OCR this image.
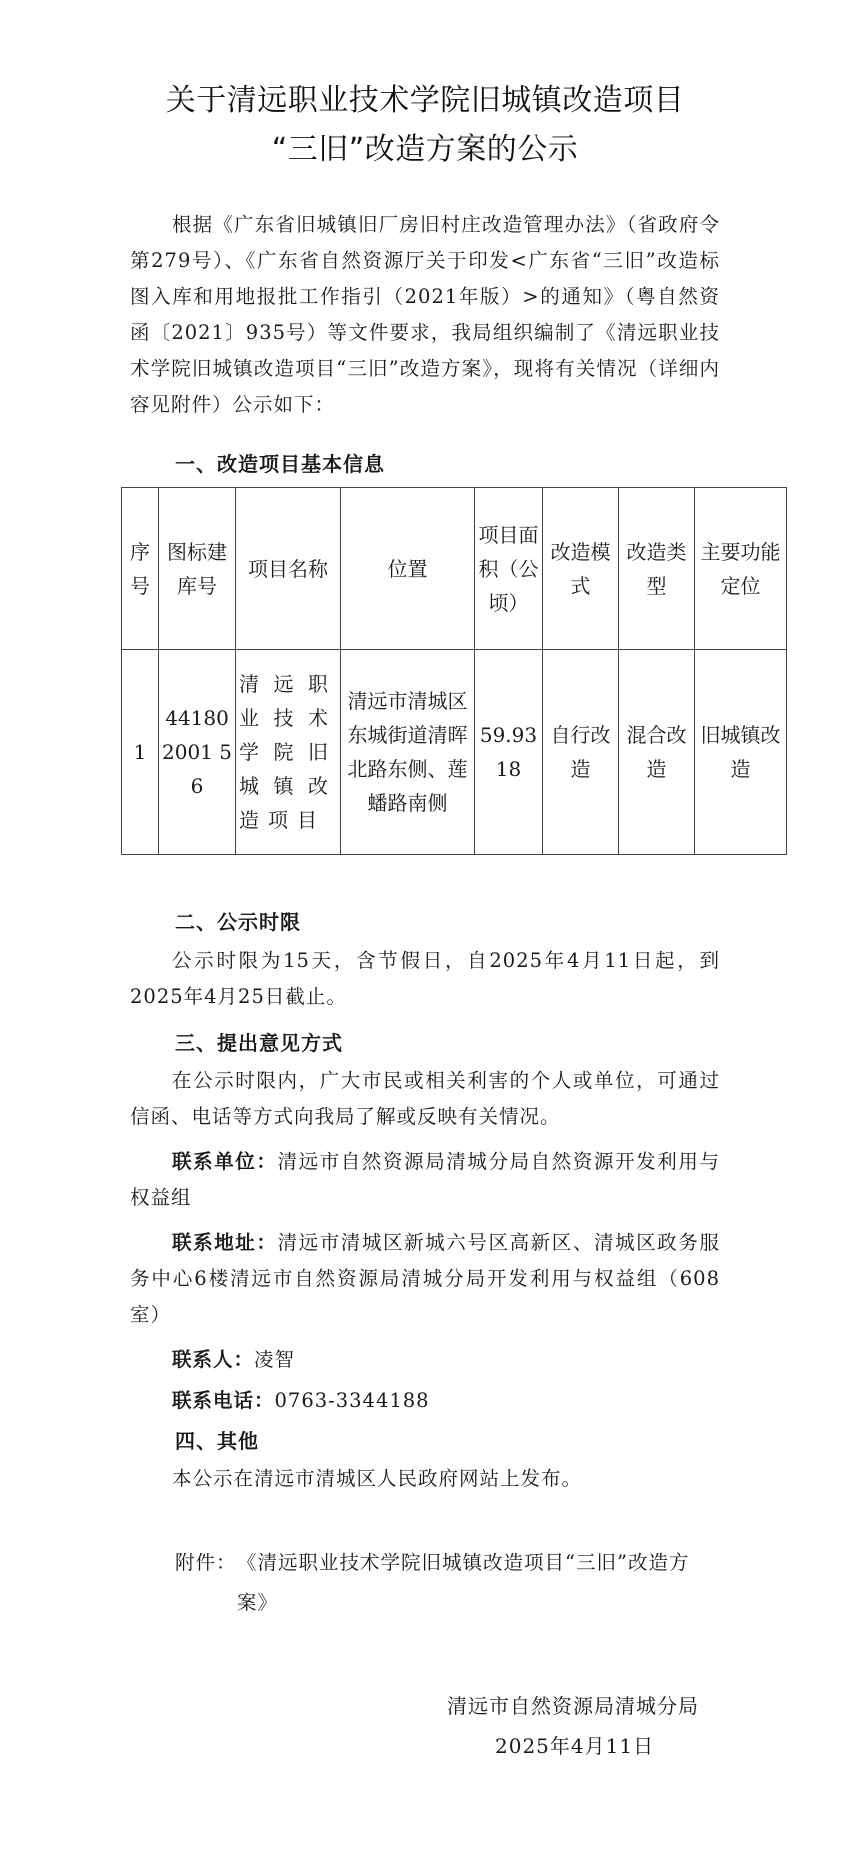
关于清远职业技术学院旧城镇改造项目
“三旧”改造方案的公示
根据《广东省旧城镇旧厂房旧村庄改造管理办法》（省政府令第279号）、《广东省自然资源厅关于印发<广东省“三旧”改造标图入库和用地报批工作指引（2021年版）>的通知》（粤自然资函〔2021〕935号）等文件要求，我局组织编制了《清远职业技术学院旧城镇改造项目“三旧”改造方案》，现将有关情况（详细内容见附件）公示如下：
一、改造项目基本信息
序号	图标建库号	项目名称	位置	项目面积（公顷）	改造模式	改造类型	主要功能定位
1	441802001 56	清远职业技术学院旧城镇改造项目	清远市清城区东城街道清晖北路东侧、莲蟠路南侧	59.9318	自行改造	混合改造	旧城镇改造
二、公示时限
公示时限为15天，含节假日，自2025年4月11日起，到2025年4月25日截止。
三、提出意见方式
在公示时限内，广大市民或相关利害的个人或单位，可通过信函、电话等方式向我局了解或反映有关情况。
联系单位：清远市自然资源局清城分局自然资源开发利用与权益组
联系地址：清远市清城区新城六号区高新区、清城区政务服务中心6楼清远市自然资源局清城分局开发利用与权益组（608室）
联系人：凌智
联系电话：0763-3344188
四、其他
本公示在清远市清城区人民政府网站上发布。
附件： 《清远职业技术学院旧城镇改造项目“三旧”改造方案》
清远市自然资源局清城分局
2025年4月11日
